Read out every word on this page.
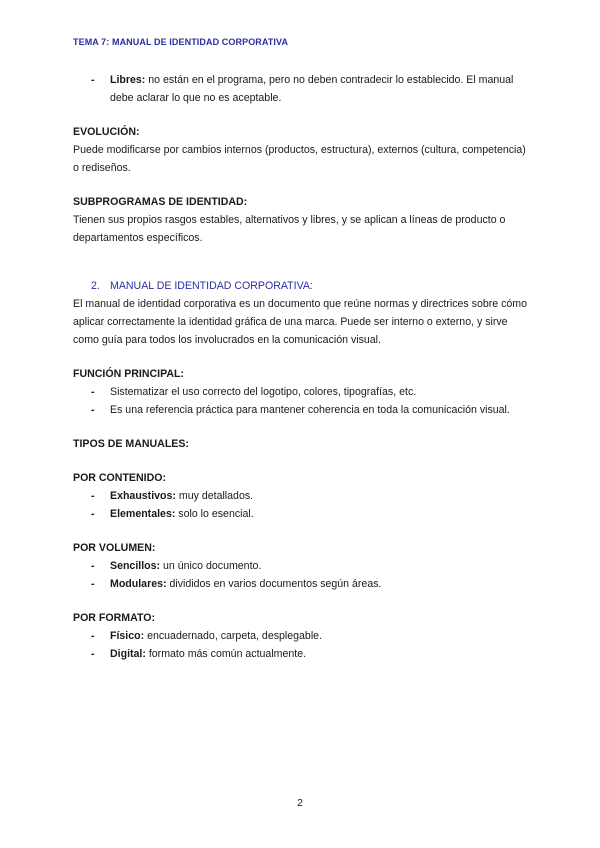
TEMA 7: MANUAL DE IDENTIDAD CORPORATIVA
- Libres: no están en el programa, pero no deben contradecir lo establecido. El manual debe aclarar lo que no es aceptable.
EVOLUCIÓN:
Puede modificarse por cambios internos (productos, estructura), externos (cultura, competencia) o rediseños.
SUBPROGRAMAS DE IDENTIDAD:
Tienen sus propios rasgos estables, alternativos y libres, y se aplican a líneas de producto o departamentos específicos.
2. MANUAL DE IDENTIDAD CORPORATIVA:
El manual de identidad corporativa es un documento que reúne normas y directrices sobre cómo aplicar correctamente la identidad gráfica de una marca. Puede ser interno o externo, y sirve como guía para todos los involucrados en la comunicación visual.
FUNCIÓN PRINCIPAL:
- Sistematizar el uso correcto del logotipo, colores, tipografías, etc.
- Es una referencia práctica para mantener coherencia en toda la comunicación visual.
TIPOS DE MANUALES:
POR CONTENIDO:
- Exhaustivos: muy detallados.
- Elementales: solo lo esencial.
POR VOLUMEN:
- Sencillos: un único documento.
- Modulares: divididos en varios documentos según áreas.
POR FORMATO:
- Físico: encuadernado, carpeta, desplegable.
- Digital: formato más común actualmente.
2
